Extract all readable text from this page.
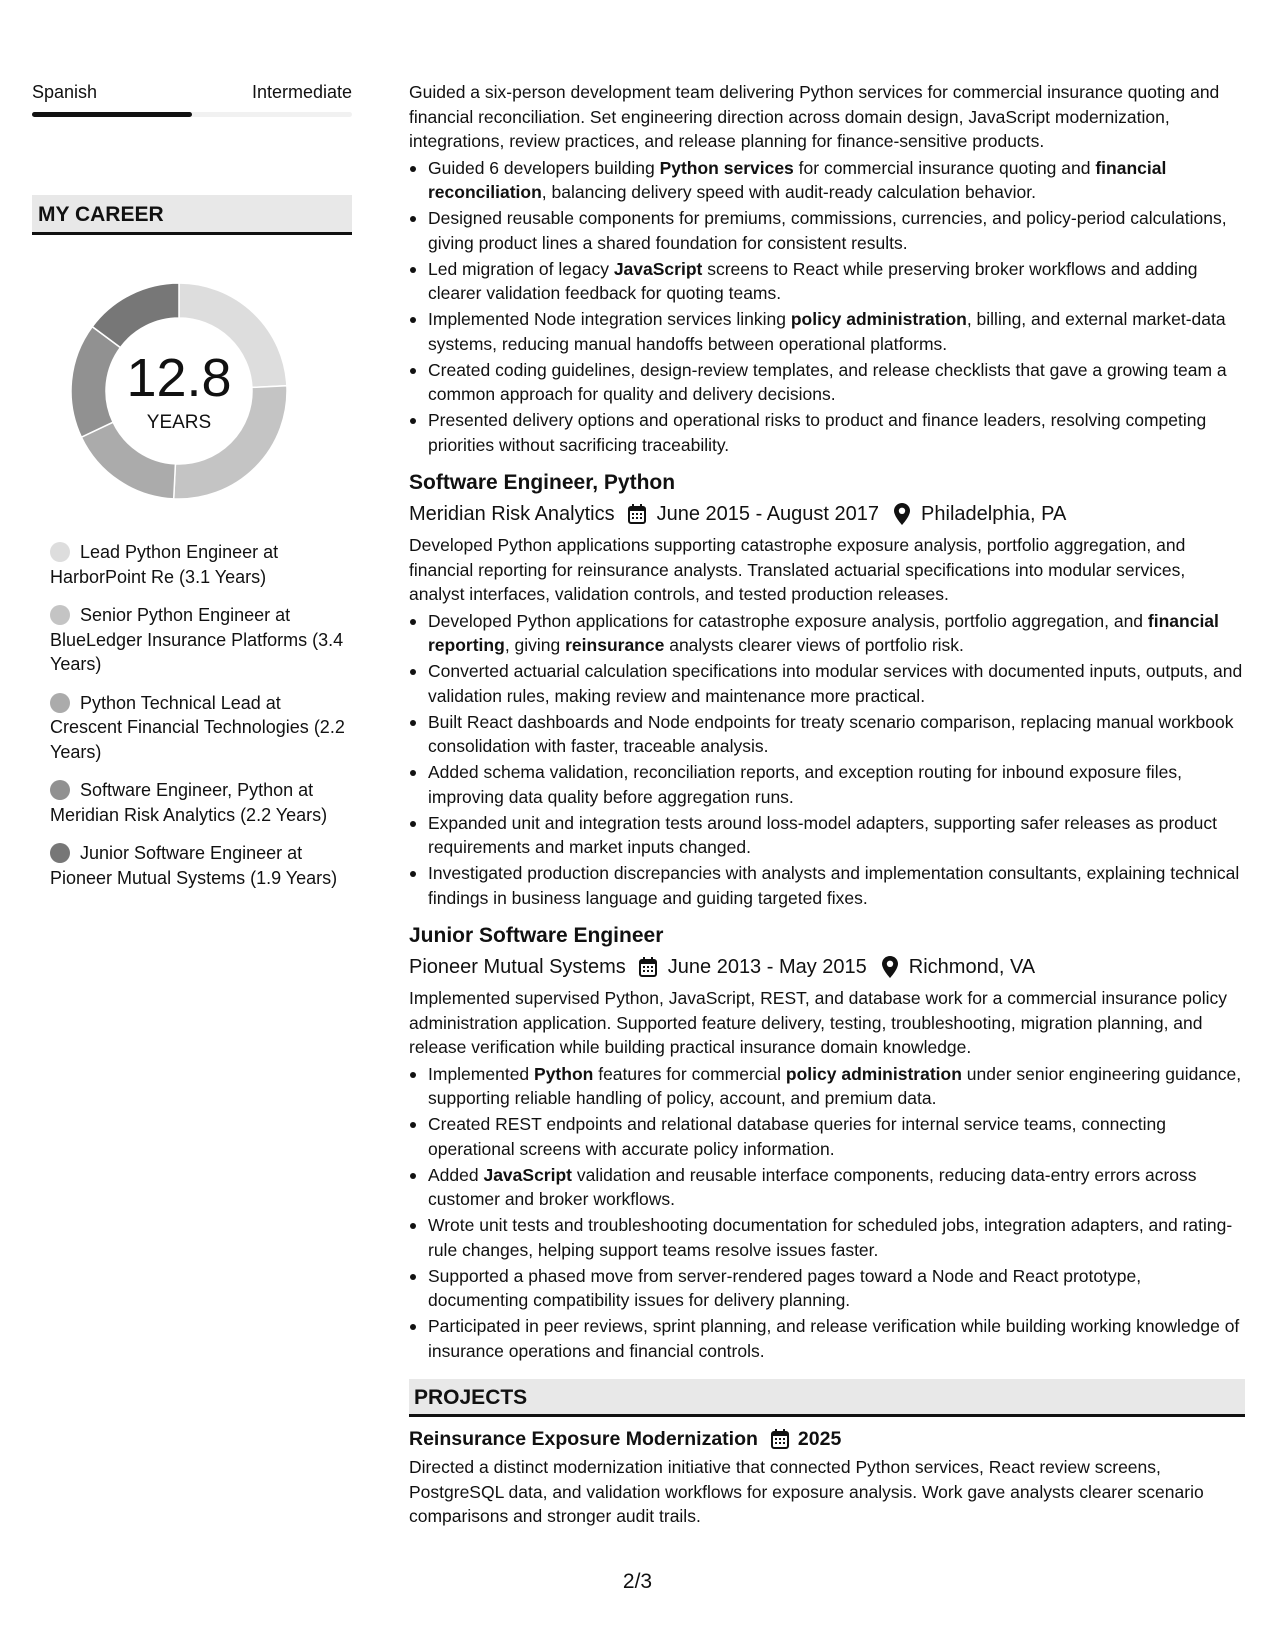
Spanish	Intermediate
MY CAREER
12.8
YEARS
Lead Python Engineer at HarborPoint Re (3.1 Years)
Senior Python Engineer at BlueLedger Insurance Platforms (3.4 Years)
Python Technical Lead at Crescent Financial Technologies (2.2 Years)
Software Engineer, Python at Meridian Risk Analytics (2.2 Years)
Junior Software Engineer at Pioneer Mutual Systems (1.9 Years)

Guided a six-person development team delivering Python services for commercial insurance quoting and financial reconciliation. Set engineering direction across domain design, JavaScript modernization, integrations, review practices, and release planning for finance-sensitive products.

Guided 6 developers building Python services for commercial insurance quoting and financial reconciliation, balancing delivery speed with audit-ready calculation behavior.
Designed reusable components for premiums, commissions, currencies, and policy-period calculations, giving product lines a shared foundation for consistent results.
Led migration of legacy JavaScript screens to React while preserving broker workflows and adding clearer validation feedback for quoting teams.
Implemented Node integration services linking policy administration, billing, and external market-data systems, reducing manual handoffs between operational platforms.
Created coding guidelines, design-review templates, and release checklists that gave a growing team a common approach for quality and delivery decisions.
Presented delivery options and operational risks to product and finance leaders, resolving competing priorities without sacrificing traceability.
Software Engineer, Python
Meridian Risk Analytics June 2015 - August 2017 Philadelphia, PA

Developed Python applications supporting catastrophe exposure analysis, portfolio aggregation, and financial reporting for reinsurance analysts. Translated actuarial specifications into modular services, analyst interfaces, validation controls, and tested production releases.

Developed Python applications for catastrophe exposure analysis, portfolio aggregation, and financial reporting, giving reinsurance analysts clearer views of portfolio risk.
Converted actuarial calculation specifications into modular services with documented inputs, outputs, and validation rules, making review and maintenance more practical.
Built React dashboards and Node endpoints for treaty scenario comparison, replacing manual workbook consolidation with faster, traceable analysis.
Added schema validation, reconciliation reports, and exception routing for inbound exposure files, improving data quality before aggregation runs.
Expanded unit and integration tests around loss-model adapters, supporting safer releases as product requirements and market inputs changed.
Investigated production discrepancies with analysts and implementation consultants, explaining technical findings in business language and guiding targeted fixes.
Junior Software Engineer
Pioneer Mutual Systems June 2013 - May 2015 Richmond, VA

Implemented supervised Python, JavaScript, REST, and database work for a commercial insurance policy administration application. Supported feature delivery, testing, troubleshooting, migration planning, and release verification while building practical insurance domain knowledge.

Implemented Python features for commercial policy administration under senior engineering guidance, supporting reliable handling of policy, account, and premium data.
Created REST endpoints and relational database queries for internal service teams, connecting operational screens with accurate policy information.
Added JavaScript validation and reusable interface components, reducing data-entry errors across customer and broker workflows.
Wrote unit tests and troubleshooting documentation for scheduled jobs, integration adapters, and rating-rule changes, helping support teams resolve issues faster.
Supported a phased move from server-rendered pages toward a Node and React prototype, documenting compatibility issues for delivery planning.
Participated in peer reviews, sprint planning, and release verification while building working knowledge of insurance operations and financial controls.
PROJECTS
Reinsurance Exposure Modernization 2025

Directed a distinct modernization initiative that connected Python services, React review screens, PostgreSQL data, and validation workflows for exposure analysis. Work gave analysts clearer scenario comparisons and stronger audit trails.

2/3
